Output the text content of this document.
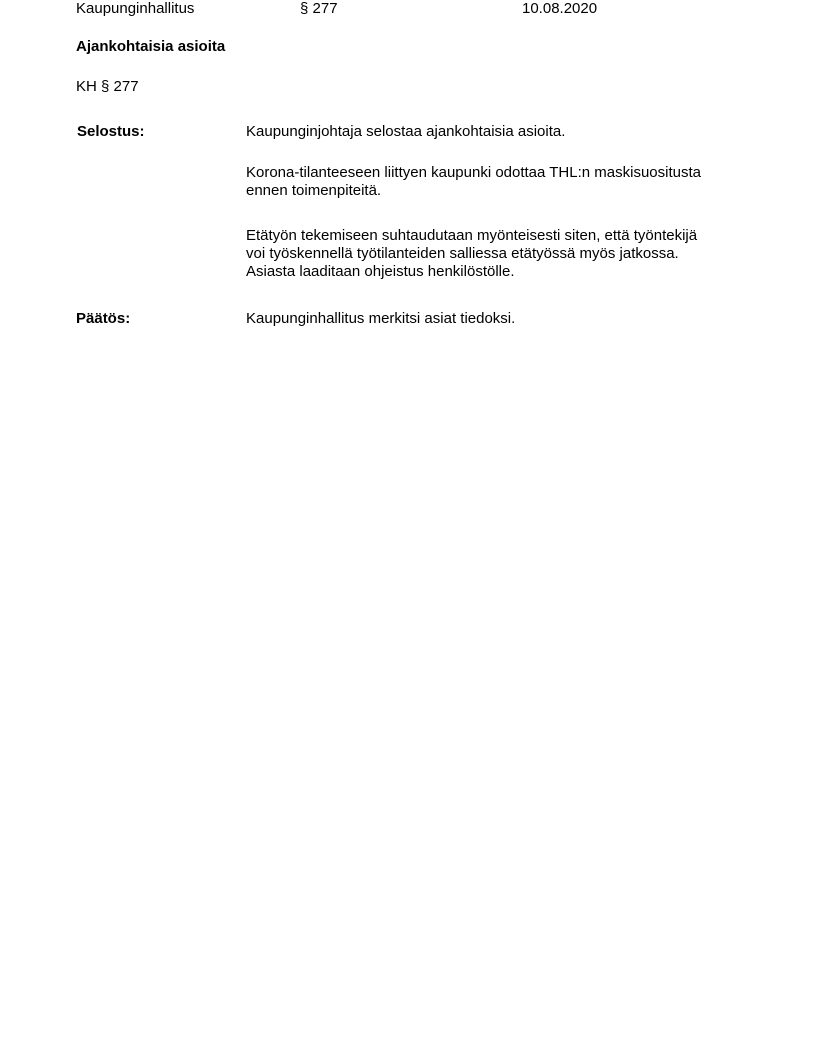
Kaupunginhallitus	§ 277	10.08.2020
Ajankohtaisia asioita
KH § 277
Selostus:	Kaupunginjohtaja selostaa ajankohtaisia asioita.
Korona-tilanteeseen liittyen kaupunki odottaa THL:n maskisuositusta
ennen toimenpiteitä.
Etätyön tekemiseen suhtaudutaan myönteisesti siten, että työntekijä
voi työskennellä työtilanteiden salliessa etätyössä myös jatkossa.
Asiasta laaditaan ohjeistus henkilöstölle.
Päätös:	Kaupunginhallitus merkitsi asiat tiedoksi.
